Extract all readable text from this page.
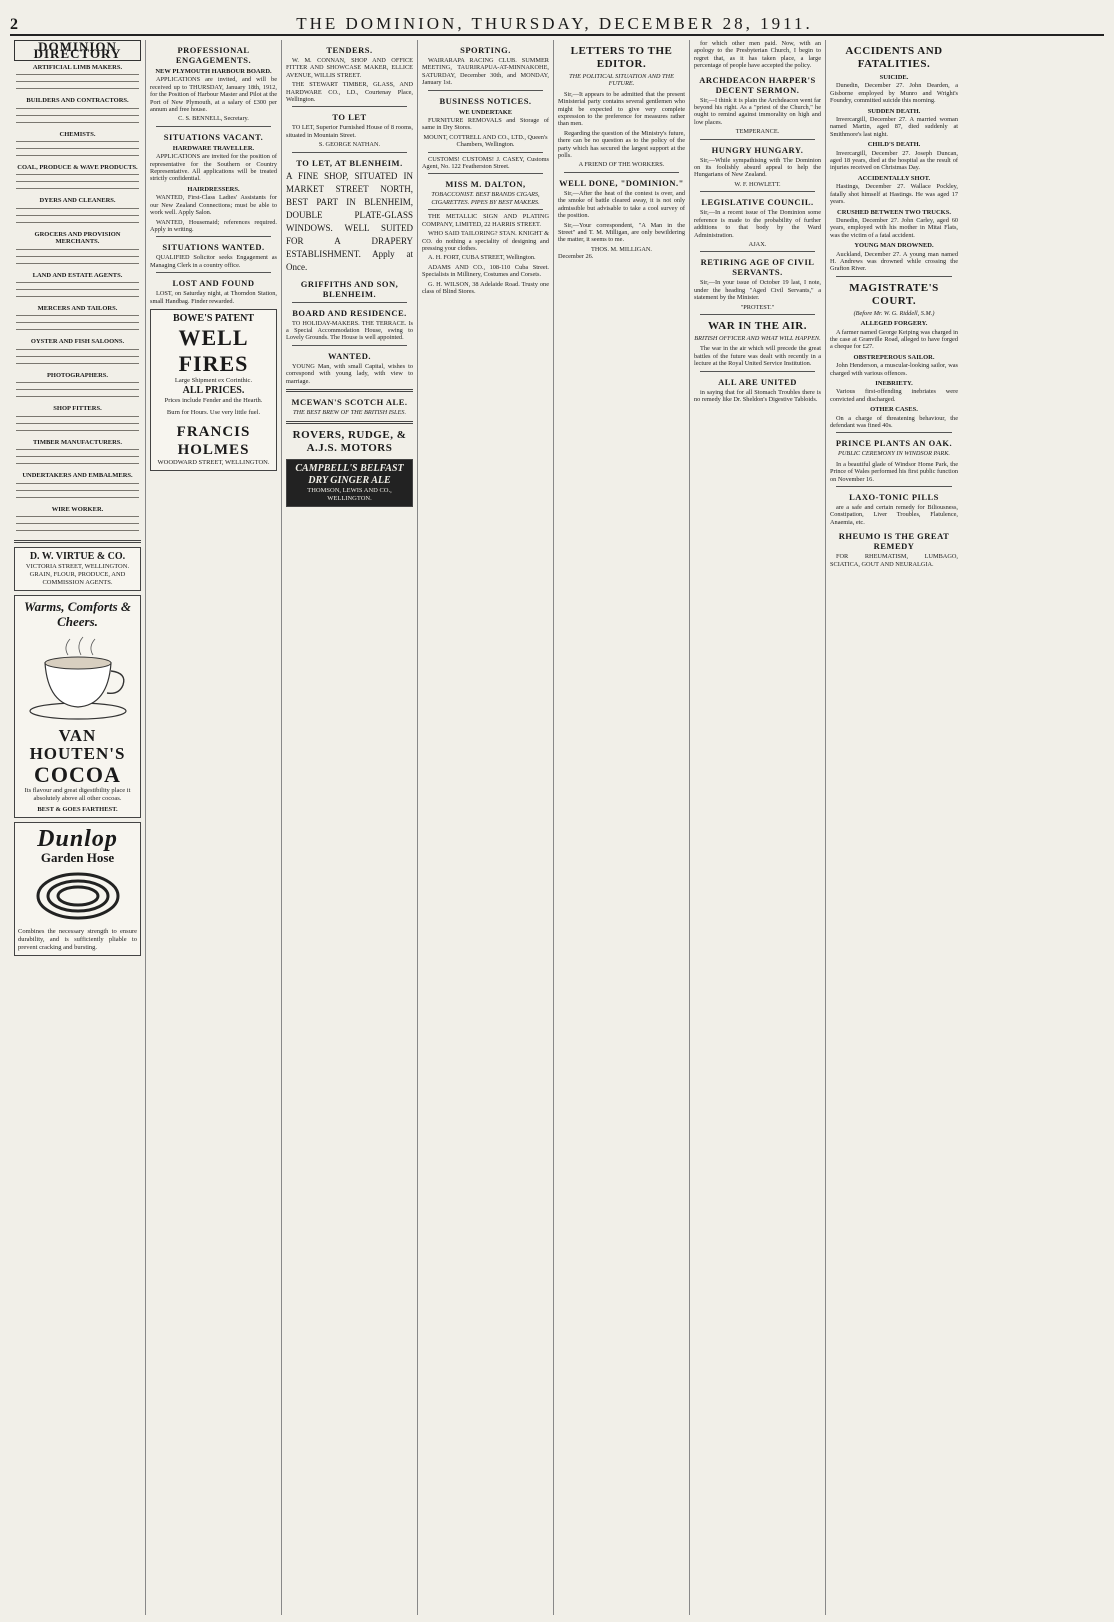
2	THE DOMINION, THURSDAY, DECEMBER 28, 1911.
DOMINION DIRECTORY
ARTIFICIAL LIMB MAKERS.

BUILDERS AND CONTRACTORS.

CHEMISTS.

COAL, PRODUCE & WAVE PRODUCTS.

DYERS AND CLEANERS.

GROCERS AND PROVISION MERCHANTS.

LAND AND ESTATE AGENTS.

MERCERS AND TAILORS.

OYSTER AND FISH SALOONS.

PHOTOGRAPHERS.

SHOP FITTERS.

TIMBER MANUFACTURERS.

UNDERTAKERS AND EMBALMERS.

WIRE WORKER.

D. W. VIRTUE & CO.
VICTORIA STREET, WELLINGTON. GRAIN, FLOUR, PRODUCE, AND COMMISSION AGENTS.
Warms, Comforts & Cheers.
VAN HOUTEN'S
COCOA
Its flavour and great digestibility place it absolutely above all other cocoas.
BEST & GOES FARTHEST.
Dunlop
Garden Hose
Combines the necessary strength to ensure durability, and is sufficiently pliable to prevent cracking and bursting.
PROFESSIONAL ENGAGEMENTS.
NEW PLYMOUTH HARBOUR BOARD.

APPLICATIONS are invited, and will be received up to THURSDAY, January 18th, 1912, for the Position of Harbour Master and Pilot at the Port of New Plymouth, at a salary of £300 per annum and free house.

C. S. BENNELL, Secretary.
SITUATIONS VACANT.
HARDWARE TRAVELLER.

APPLICATIONS are invited for the position of representative for the Southern or Country Representative. All applications will be treated strictly confidential.

HAIRDRESSERS.

WANTED, First-Class Ladies' Assistants for our New Zealand Connections; must be able to work well. Apply Salon.

WANTED, Housemaid; references required. Apply in writing.

SITUATIONS WANTED.

QUALIFIED Solicitor seeks Engagement as Managing Clerk in a country office.

LOST AND FOUND

LOST, on Saturday night, at Thorndon Station, small Handbag. Finder rewarded.

BOWE'S PATENT
WELL FIRES
Large Shipment ex Corinthic.
ALL PRICES.
Prices include Fender and the Hearth.
Burn for Hours. Use very little fuel.
FRANCIS HOLMES
WOODWARD STREET, WELLINGTON.
TENDERS.

W. M. CONNAN, SHOP AND OFFICE FITTER AND SHOWCASE MAKER, ELLICE AVENUE, WILLIS STREET.

THE STEWART TIMBER, GLASS, AND HARDWARE CO., LD., Courtenay Place, Wellington.

TO LET

TO LET, Superior Furnished House of 8 rooms, situated in Mountain Street.

S. GEORGE NATHAN.
TO LET, AT BLENHEIM.

A FINE SHOP, SITUATED IN MARKET STREET NORTH, BEST PART IN BLENHEIM, DOUBLE PLATE-GLASS WINDOWS. WELL SUITED FOR A DRAPERY ESTABLISHMENT. Apply at Once.

GRIFFITHS AND SON, BLENHEIM.
BOARD AND RESIDENCE.

TO HOLIDAY-MAKERS. THE TERRACE. Is a Special Accommodation House, swing to Lovely Grounds. The House is well appointed.

WANTED.

YOUNG Man, with small Capital, wishes to correspond with young lady, with view to marriage.

MCEWAN'S SCOTCH ALE.
THE BEST BREW OF THE BRITISH ISLES.
ROVERS, RUDGE, & A.J.S. MOTORS
CAMPBELL'S BELFAST DRY GINGER ALE
THOMSON, LEWIS AND CO., WELLINGTON.
SPORTING.

WAIRARAPA RACING CLUB. SUMMER MEETING, TAURIRAPUA-AT-MINNAKOHE, SATURDAY, December 30th, and MONDAY, January 1st.

BUSINESS NOTICES.
WE UNDERTAKE

FURNITURE REMOVALS and Storage of same in Dry Stores.

MOUNT, COTTRELL AND CO., LTD., Queen's Chambers, Wellington.

CUSTOMS! CUSTOMS! J. CASEY, Customs Agent, No. 122 Featherston Street.

MISS M. DALTON,
TOBACCONIST. BEST BRANDS CIGARS, CIGARETTES. PIPES BY BEST MAKERS.

THE METALLIC SIGN AND PLATING COMPANY, LIMITED, 22 HARRIS STREET.

WHO SAID TAILORING? STAN. KNIGHT & CO. do nothing a speciality of designing and pressing your clothes.

A. H. FORT, CUBA STREET, Wellington.

ADAMS AND CO., 108-110 Cuba Street. Specialists in Millinery, Costumes and Corsets.

G. H. WILSON, 38 Adelaide Road. Trusty one class of Blind Stores.

LETTERS TO THE EDITOR.
THE POLITICAL SITUATION AND THE FUTURE.

Sir,—It appears to be admitted that the present Ministerial party contains several gentlemen who might be expected to give very complete expression to the preference for measures rather than men.

Regarding the question of the Ministry's future, there can be no question as to the policy of the party which has secured the largest support at the polls.

A FRIEND OF THE WORKERS.
WELL DONE, "DOMINION."

Sir,—After the heat of the contest is over, and the smoke of battle cleared away, it is not only admissible but advisable to take a cool survey of the position.

Sir,—Your correspondent, "A Man in the Street" and T. M. Milligan, are only bewildering the matter, it seems to me.

THOS. M. MILLIGAN.
December 26.

for which other men paid. Now, with an apology to the Presbyterian Church, I begin to regret that, as it has taken place, a large percentage of people have accepted the policy.

ARCHDEACON HARPER'S DECENT SERMON.

Sir,—I think it is plain the Archdeacon went far beyond his right. As a "priest of the Church," he ought to remind against immorality on high and low places.

TEMPERANCE.
HUNGRY HUNGARY.

Sir,—While sympathising with The Dominion on its foolishly absurd appeal to help the Hungarians of New Zealand.

W. F. HOWLETT.
LEGISLATIVE COUNCIL.

Sir,—In a recent issue of The Dominion some reference is made to the probability of further additions to that body by the Ward Administration.

AJAX.
RETIRING AGE OF CIVIL SERVANTS.

Sir,—In your issue of October 19 last, I note, under the heading "Aged Civil Servants," a statement by the Minister.

"PROTEST."
WAR IN THE AIR.
BRITISH OFFICER AND WHAT WILL HAPPEN.

The war in the air which will precede the great battles of the future was dealt with recently in a lecture at the Royal United Service Institution.

ALL ARE UNITED

in saying that for all Stomach Troubles there is no remedy like Dr. Sheldon's Digestive Tabloids.

ACCIDENTS AND FATALITIES.
SUICIDE.

Dunedin, December 27. John Dearden, a Gisborne employed by Munro and Wright's Foundry, committed suicide this morning.

SUDDEN DEATH.

Invercargill, December 27. A married woman named Martin, aged 87, died suddenly at Smithmore's last night.

CHILD'S DEATH.

Invercargill, December 27. Joseph Duncan, aged 18 years, died at the hospital as the result of injuries received on Christmas Day.

ACCIDENTALLY SHOT.

Hastings, December 27. Wallace Pockley, fatally shot himself at Hastings. He was aged 17 years.

CRUSHED BETWEEN TWO TRUCKS.

Dunedin, December 27. John Carley, aged 60 years, employed with his mother in Mitai Flats, was the victim of a fatal accident.

YOUNG MAN DROWNED.

Auckland, December 27. A young man named H. Andrews was drowned while crossing the Grafton River.

MAGISTRATE'S COURT.
(Before Mr. W. G. Riddell, S.M.)
ALLEGED FORGERY.

A farmer named George Keiping was charged in the case at Granville Road, alleged to have forged a cheque for £27.

OBSTREPEROUS SAILOR.

John Henderson, a muscular-looking sailor, was charged with various offences.

INEBRIETY.

Various first-offending inebriates were convicted and discharged.

OTHER CASES.

On a charge of threatening behaviour, the defendant was fined 40s.

PRINCE PLANTS AN OAK.
PUBLIC CEREMONY IN WINDSOR PARK.

In a beautiful glade of Windsor Home Park, the Prince of Wales performed his first public function on November 16.

LAXO-TONIC PILLS

are a safe and certain remedy for Biliousness, Constipation, Liver Troubles, Flatulence, Anaemia, etc.

RHEUMO IS THE GREAT REMEDY

FOR RHEUMATISM, LUMBAGO, SCIATICA, GOUT AND NEURALGIA.
